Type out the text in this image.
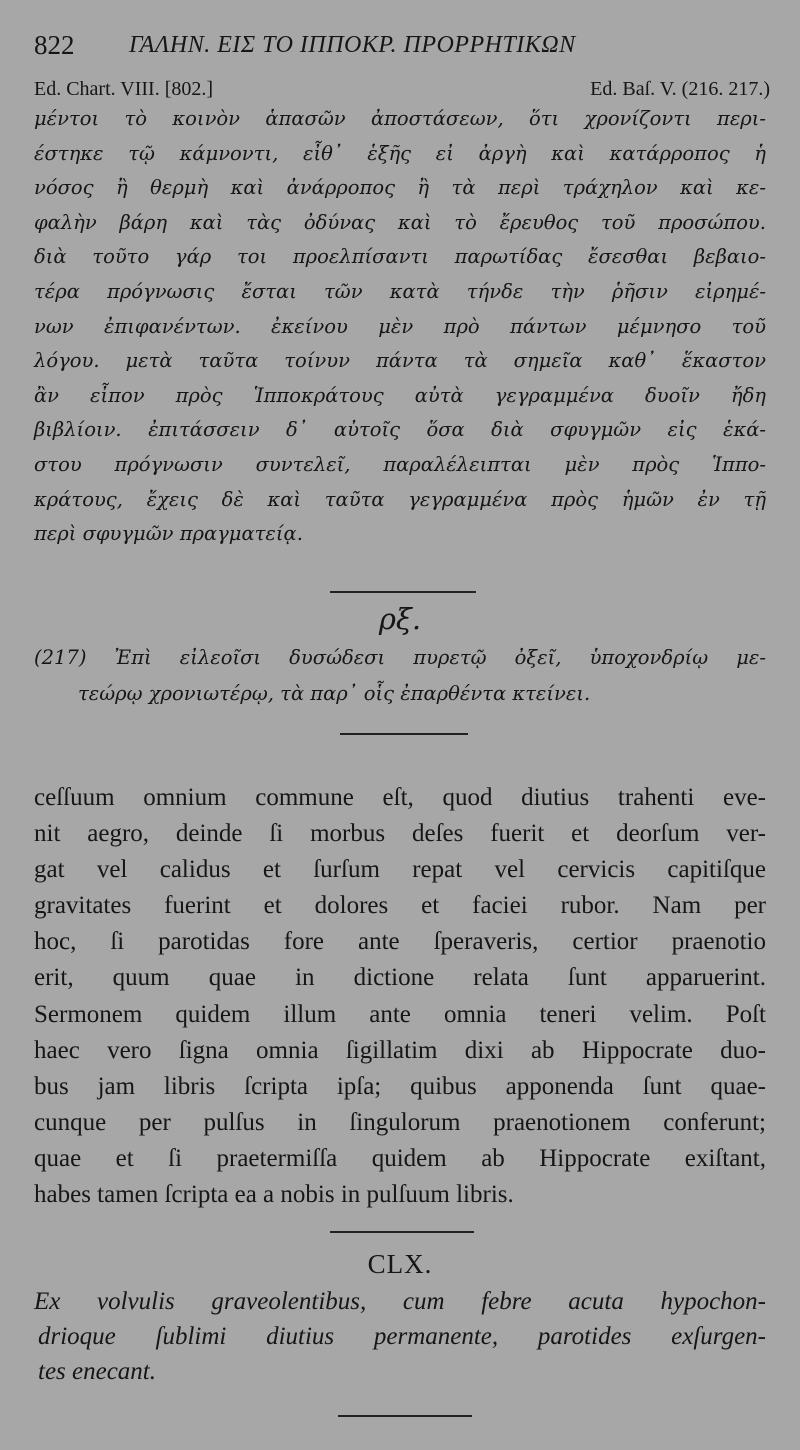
822 ΓΑΛΗΝ. ΕΙΣ ΤΟ ΙΠΠΟΚΡ. ΠΡΟΡΡΗΤΙΚΩΝ
Ed. Chart. VIII. [802.]	Ed. Baſ. V. (216. 217.)
μέντοι τὸ κοινὸν ἁπασῶν ἀποστάσεων, ὅτι χρονίζοντι περι-
έστηκε τῷ κάμνοντι, εἶθ᾽ ἑξῆς εἰ ἀργὴ καὶ κατάρροπος ἡ
νόσος ἢ θερμὴ καὶ ἀνάρροπος ἢ τὰ περὶ τράχηλον καὶ κε-
φαλὴν βάρη καὶ τὰς ὀδύνας καὶ τὸ ἔρευθος τοῦ προσώπου.
διὰ τοῦτο γάρ τοι προελπίσαντι παρωτίδας ἔσεσθαι βεβαιο-
τέρα πρόγνωσις ἔσται τῶν κατὰ τήνδε τὴν ῥῆσιν εἰρημέ-
νων ἐπιφανέντων. ἐκείνου μὲν πρὸ πάντων μέμνησο τοῦ
λόγου. μετὰ ταῦτα τοίνυν πάντα τὰ σημεῖα καθ᾽ ἕκαστον
ἂν εἶπον πρὸς Ἱπποκράτους αὐτὰ γεγραμμένα δυοῖν ἤδη
βιβλίοιν. ἐπιτάσσειν δ᾽ αὐτοῖς ὅσα διὰ σφυγμῶν εἰς ἑκά-
στου πρόγνωσιν συντελεῖ, παραλέλειπται μὲν πρὸς Ἱππο-
κράτους, ἔχεις δὲ καὶ ταῦτα γεγραμμένα πρὸς ἡμῶν ἐν τῇ
περὶ σφυγμῶν πραγματείᾳ.
ρξ.
(217) Ἐπὶ εἰλεοῖσι δυσώδεσι πυρετῷ ὀξεῖ, ὑποχονδρίῳ με-
τεώρῳ χρονιωτέρῳ, τὰ παρ᾽ οἷς ἐπαρθέντα κτείνει.
ceſſuum omnium commune eſt, quod diutius trahenti eve-
nit aegro, deinde ſi morbus deſes fuerit et deorſum ver-
gat vel calidus et ſurſum repat vel cervicis capitiſque
gravitates fuerint et dolores et faciei rubor. Nam per
hoc, ſi parotidas fore ante ſperaveris, certior praenotio
erit, quum quae in dictione relata ſunt apparuerint.
Sermonem quidem illum ante omnia teneri velim. Poſt
haec vero ſigna omnia ſigillatim dixi ab Hippocrate duo-
bus jam libris ſcripta ipſa; quibus apponenda ſunt quae-
cunque per pulſus in ſingulorum praenotionem conferunt;
quae et ſi praetermiſſa quidem ab Hippocrate exiſtant,
habes tamen ſcripta ea a nobis in pulſuum libris.
CLX.
Ex volvulis graveolentibus, cum febre acuta hypochon-
drioque ſublimi diutius permanente, parotides exſurgen-
tes enecant.
